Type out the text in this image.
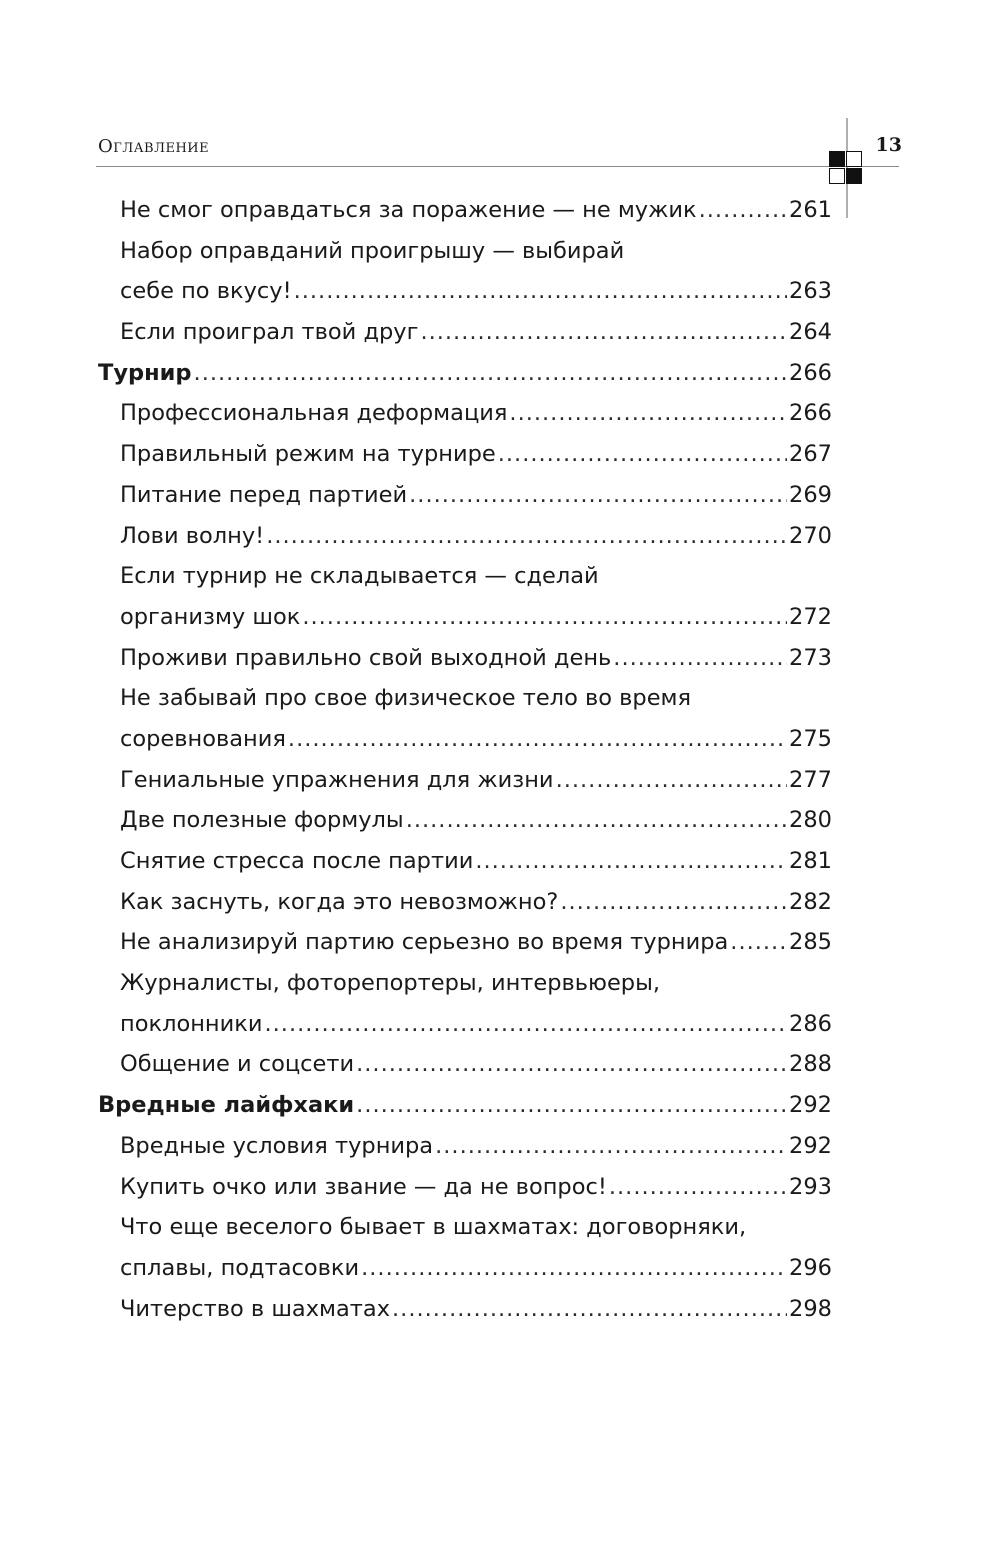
Оглавление	13
Не смог оправдаться за поражение — не мужик .....	261
Набор оправданий проигрышу — выбирай
себе по вкусу! .....	263
Если проиграл твой друг .....	264
Турнир .....	266
Профессиональная деформация .....	266
Правильный режим на турнире .....	267
Питание перед партией .....	269
Лови волну! .....	270
Если турнир не складывается — сделай
организму шок .....	272
Проживи правильно свой выходной день .....	273
Не забывай про свое физическое тело во время
соревнования .....	275
Гениальные упражнения для жизни .....	277
Две полезные формулы .....	280
Снятие стресса после партии .....	281
Как заснуть, когда это невозможно? .....	282
Не анализируй партию серьезно во время турнира .....	285
Журналисты, фоторепортеры, интервьюеры,
поклонники .....	286
Общение и соцсети .....	288
Вредные лайфхаки .....	292
Вредные условия турнира .....	292
Купить очко или звание — да не вопрос! .....	293
Что еще веселого бывает в шахматах: договорняки,
сплавы, подтасовки .....	296
Читерство в шахматах .....	298
